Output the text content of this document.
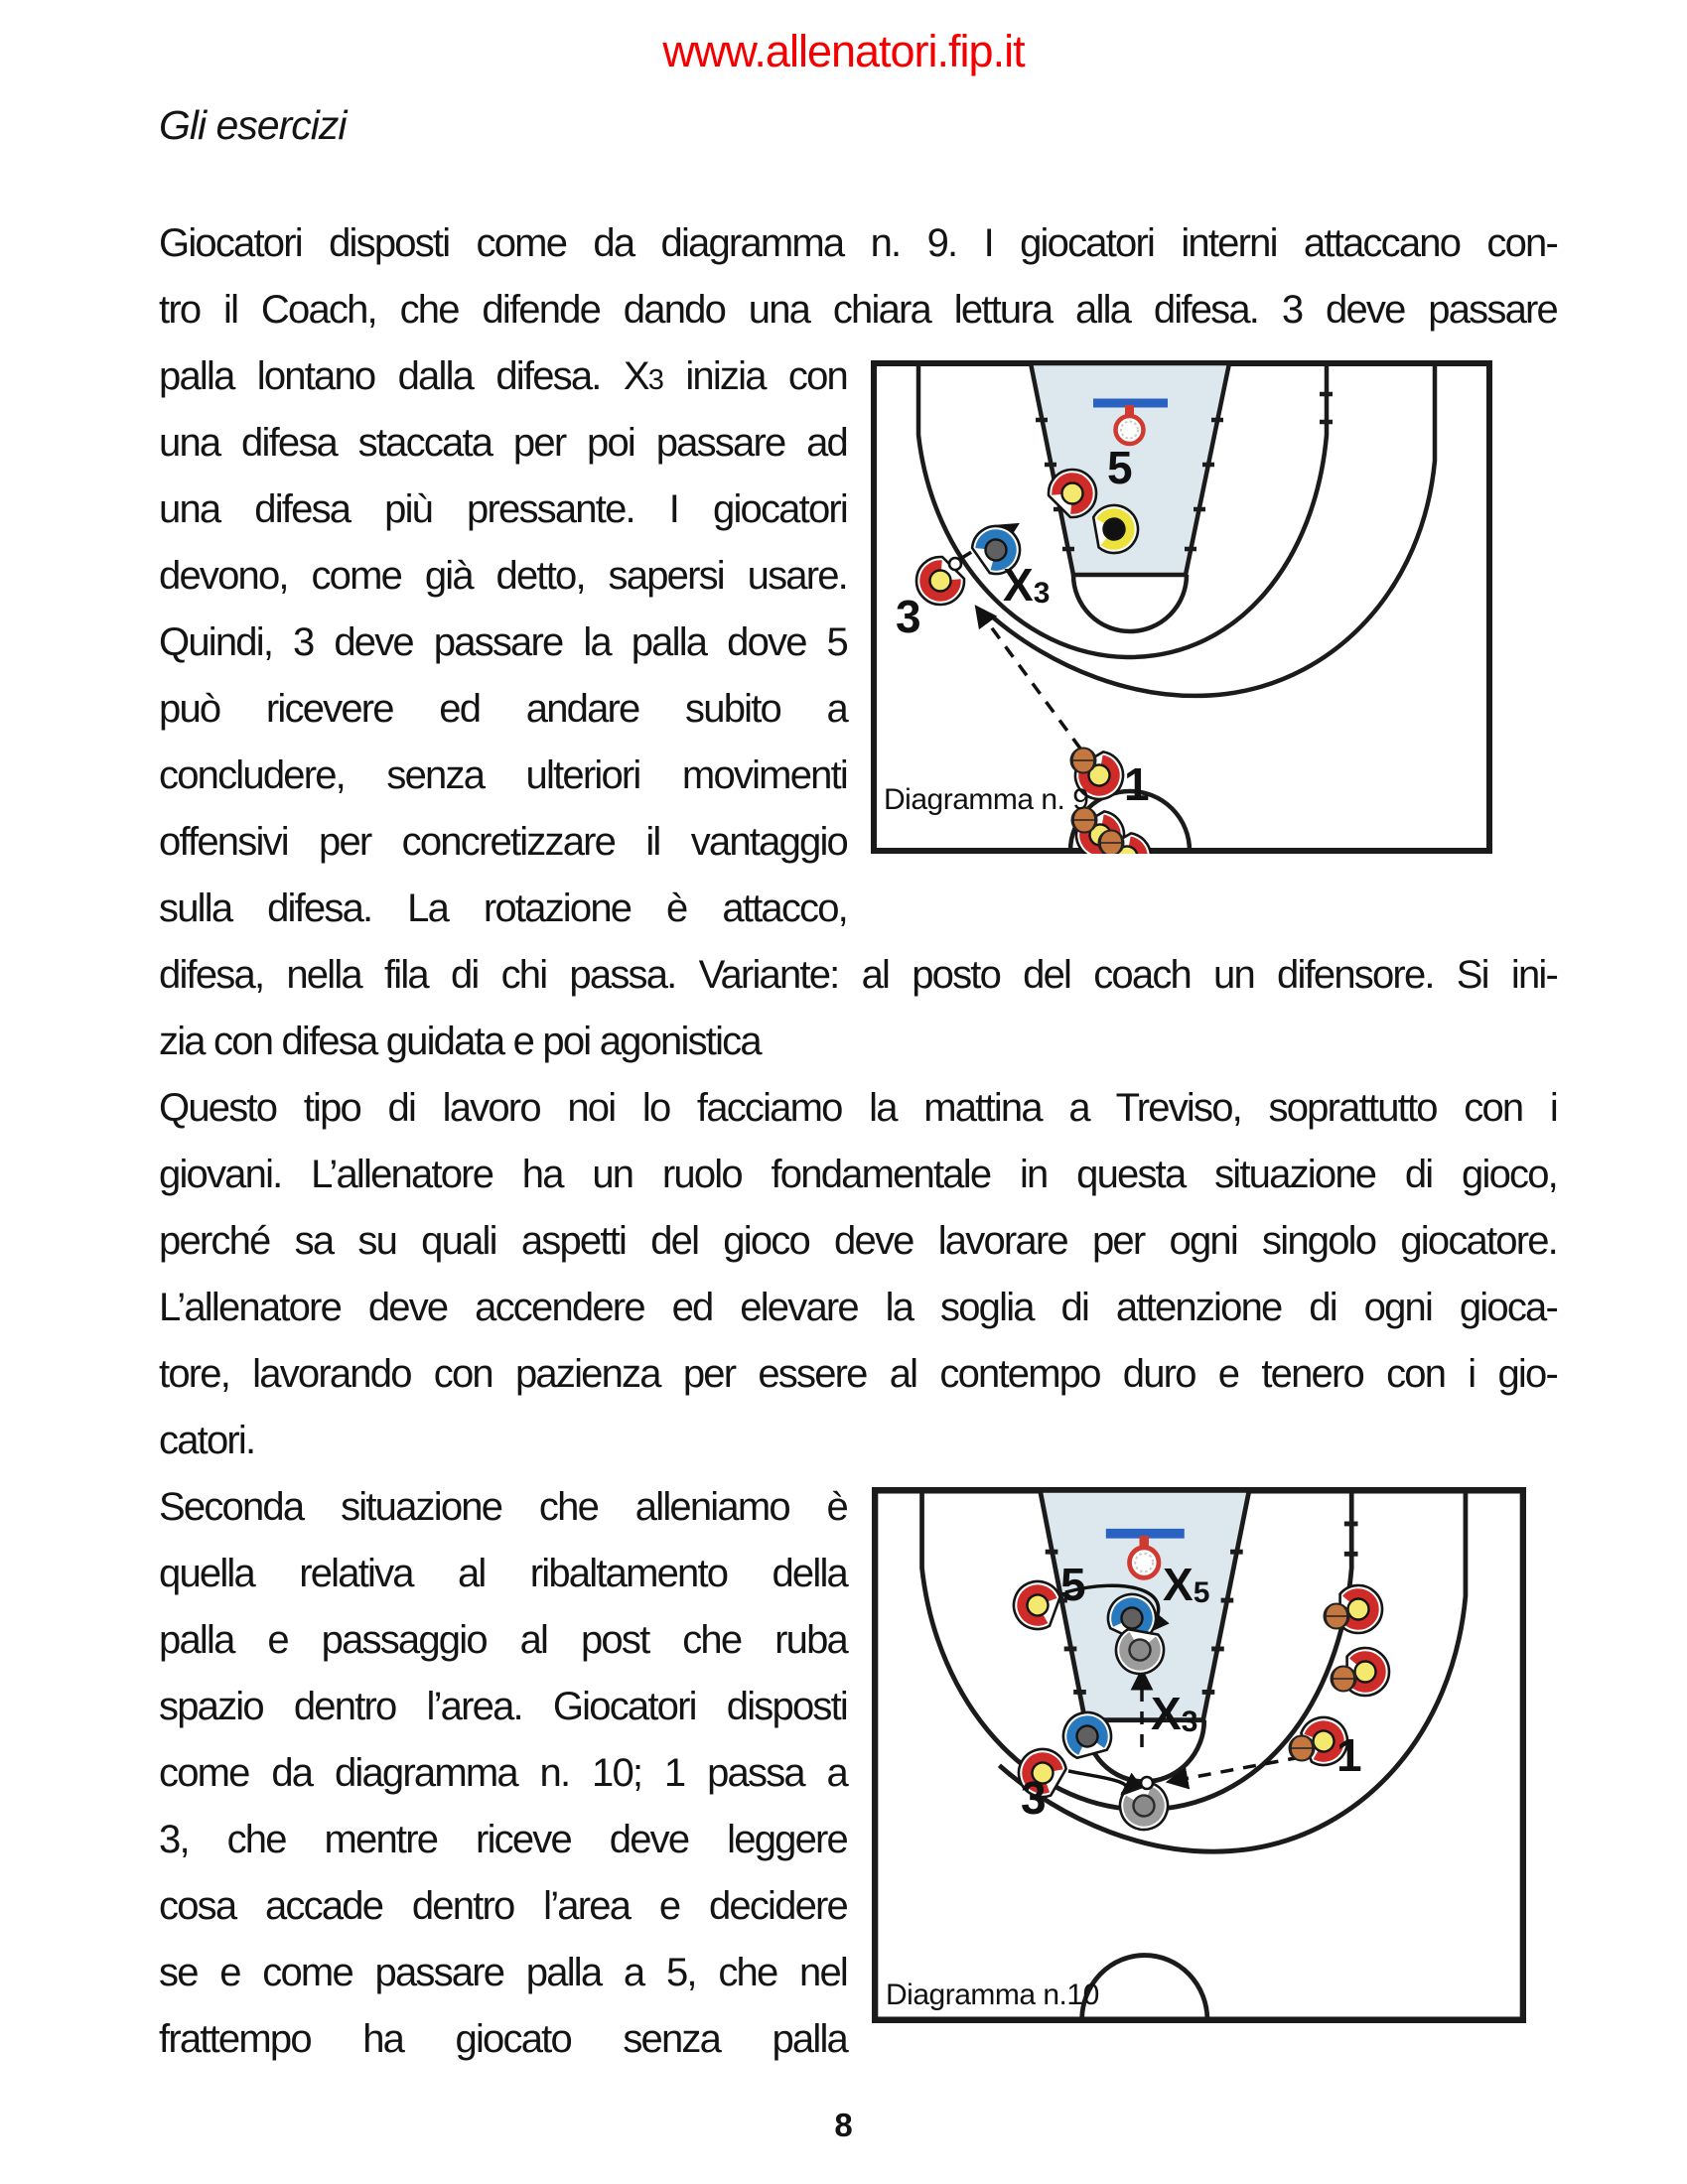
www.allenatori.fip.it
Gli esercizi
Giocatori disposti come da diagramma n. 9. I giocatori interni attaccano con-
tro il Coach, che difende dando una chiara lettura alla difesa. 3 deve passare
palla lontano dalla difesa. X3 inizia con
una difesa staccata per poi passare ad
una difesa più pressante. I giocatori
devono, come già detto, sapersi usare.
Quindi, 3 deve passare la palla dove 5
può ricevere ed andare subito a
concludere, senza ulteriori movimenti
offensivi per concretizzare il vantaggio
sulla difesa. La rotazione è attacco,
difesa, nella fila di chi passa. Variante: al posto del coach un difensore. Si ini-
zia con difesa guidata e poi agonistica
Questo tipo di lavoro noi lo facciamo la mattina a Treviso, soprattutto con i
giovani. L’allenatore ha un ruolo fondamentale in questa situazione di gioco,
perché sa su quali aspetti del gioco deve lavorare per ogni singolo giocatore.
L’allenatore deve accendere ed elevare la soglia di attenzione di ogni gioca-
tore, lavorando con pazienza per essere al contempo duro e tenero con i gio-
catori.
Seconda situazione che alleniamo è
quella relativa al ribaltamento della
palla e passaggio al post che ruba
spazio dentro l’area. Giocatori disposti
come da diagramma n. 10; 1 passa a
3, che mentre riceve deve leggere
cosa accade dentro l’area e decidere
se e come passare palla a 5, che nel
frattempo ha giocato senza palla
5
X3
3
1
Diagramma n. 9
5 X5
X3
3
1
Diagramma n.10
8
